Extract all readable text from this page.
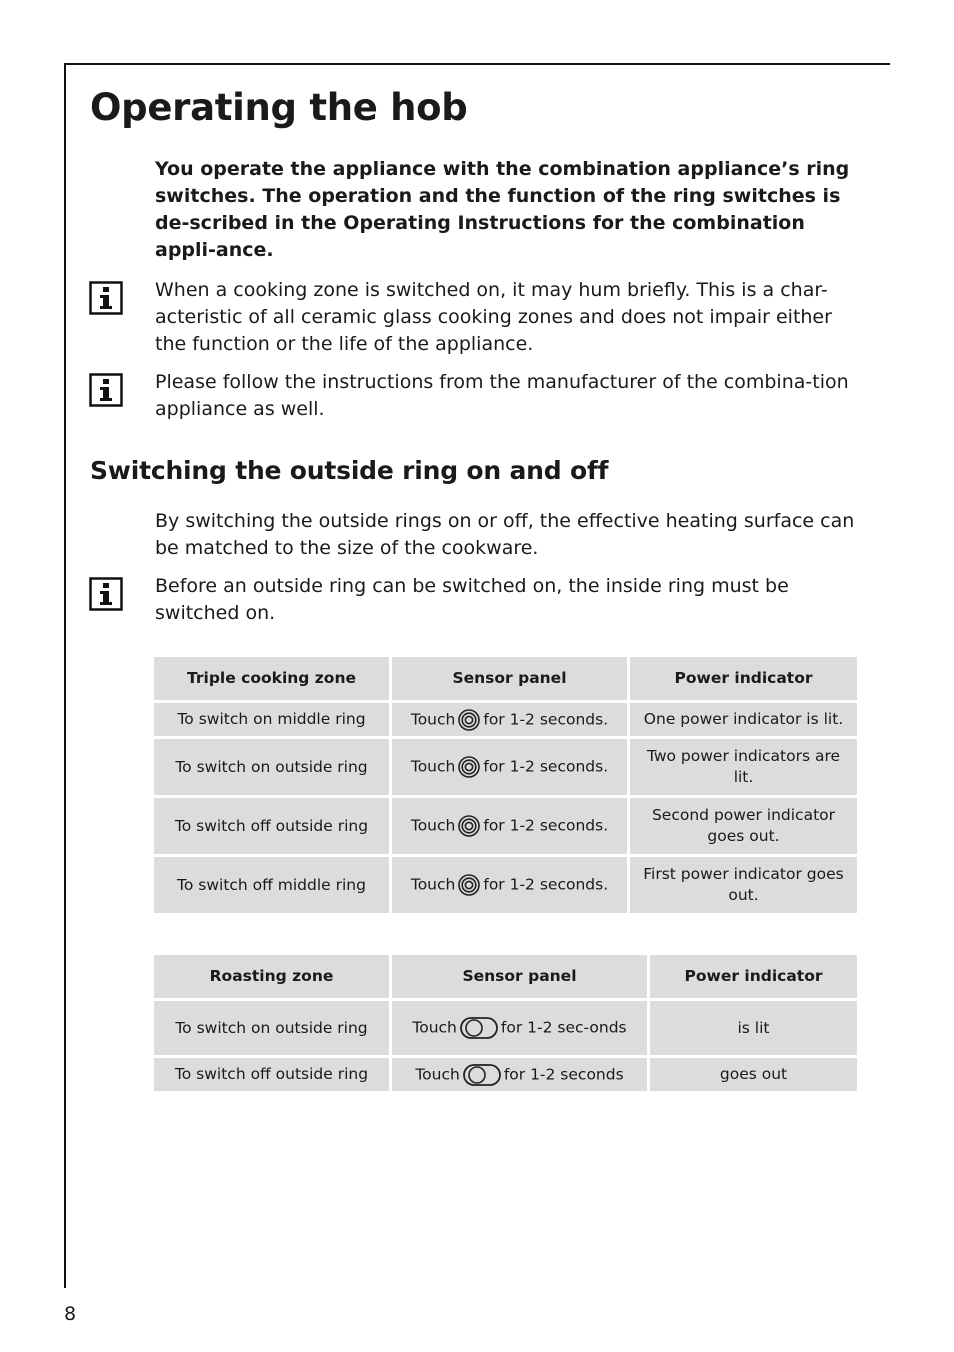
Operating the hob

You operate the appliance with the combination appliance’s ring switches. The operation and the function of the ring switches is de-scribed in the Operating Instructions for the combination appli-ance.

When a cooking zone is switched on, it may hum briefly. This is a char-acteristic of all ceramic glass cooking zones and does not impair either the function or the life of the appliance.

Please follow the instructions from the manufacturer of the combina-tion appliance as well.

Switching the outside ring on and off

By switching the outside rings on or off, the effective heating surface can be matched to the size of the cookware.

Before an outside ring can be switched on, the inside ring must be switched on.

Triple cooking zone	Sensor panel	Power indicator
To switch on middle ring	Touch for 1-2 seconds.	One power indicator is lit.
To switch on outside ring	Touch for 1-2 seconds.	Two power indicators are lit.
To switch off outside ring	Touch for 1-2 seconds.	Second power indicator goes out.
To switch off middle ring	Touch for 1-2 seconds.	First power indicator goes out.
Roasting zone	Sensor panel	Power indicator
To switch on outside ring	Touch for 1-2 sec-onds	is lit
To switch off outside ring	Touch for 1-2 seconds	goes out
8
